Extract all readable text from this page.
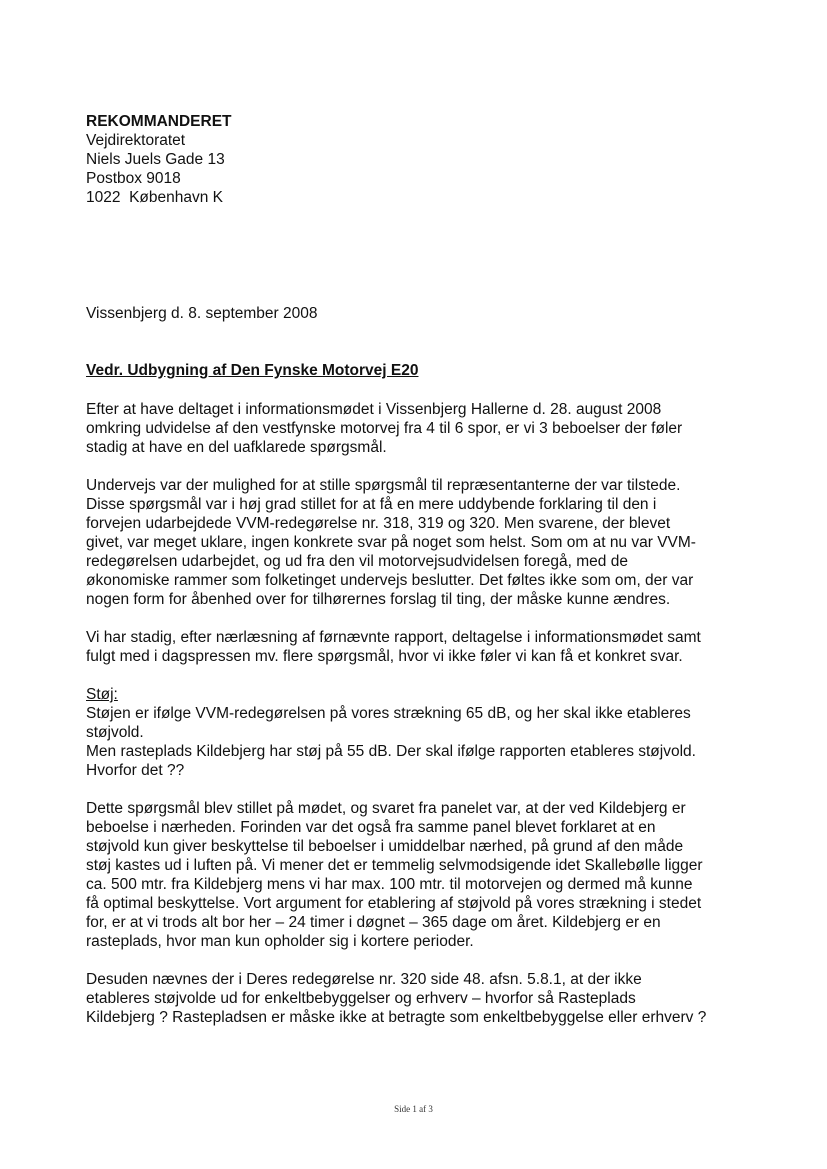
REKOMMANDERET
Vejdirektoratet
Niels Juels Gade 13
Postbox 9018
1022  København K
Vissenbjerg d. 8. september 2008
Vedr. Udbygning af Den Fynske Motorvej E20
Efter at have deltaget i informationsmødet i Vissenbjerg Hallerne d. 28. august 2008
omkring udvidelse af den vestfynske motorvej fra 4 til 6 spor, er vi 3 beboelser der føler
stadig at have en del uafklarede spørgsmål.
Undervejs var der mulighed for at stille spørgsmål til repræsentanterne der var tilstede.
Disse spørgsmål var i høj grad stillet for at få en mere uddybende forklaring til den i
forvejen udarbejdede VVM-redegørelse nr. 318, 319 og 320. Men svarene, der blevet
givet, var meget uklare, ingen konkrete svar på noget som helst. Som om at nu var VVM-
redegørelsen udarbejdet, og ud fra den vil motorvejsudvidelsen foregå, med de
økonomiske rammer som folketinget undervejs beslutter. Det føltes ikke som om, der var
nogen form for åbenhed over for tilhørernes forslag til ting, der måske kunne ændres.
Vi har stadig, efter nærlæsning af førnævnte rapport, deltagelse i informationsmødet samt
fulgt med i dagspressen mv. flere spørgsmål, hvor vi ikke føler vi kan få et konkret svar.
Støj:
Støjen er ifølge VVM-redegørelsen på vores strækning 65 dB, og her skal ikke etableres
støjvold.
Men rasteplads Kildebjerg har støj på 55 dB. Der skal ifølge rapporten etableres støjvold.
Hvorfor det ??
Dette spørgsmål blev stillet på mødet, og svaret fra panelet var, at der ved Kildebjerg er
beboelse i nærheden. Forinden var det også fra samme panel blevet forklaret at en
støjvold kun giver beskyttelse til beboelser i umiddelbar nærhed, på grund af den måde
støj kastes ud i luften på. Vi mener det er temmelig selvmodsigende idet Skallebølle ligger
ca. 500 mtr. fra Kildebjerg mens vi har max. 100 mtr. til motorvejen og dermed må kunne
få optimal beskyttelse. Vort argument for etablering af støjvold på vores strækning i stedet
for, er at vi trods alt bor her – 24 timer i døgnet – 365 dage om året. Kildebjerg er en
rasteplads, hvor man kun opholder sig i kortere perioder.
Desuden nævnes der i Deres redegørelse nr. 320 side 48. afsn. 5.8.1, at der ikke
etableres støjvolde ud for enkeltbebyggelser og erhverv – hvorfor så Rasteplads
Kildebjerg ? Rastepladsen er måske ikke at betragte som enkeltbebyggelse eller erhverv ?
Side 1 af 3
